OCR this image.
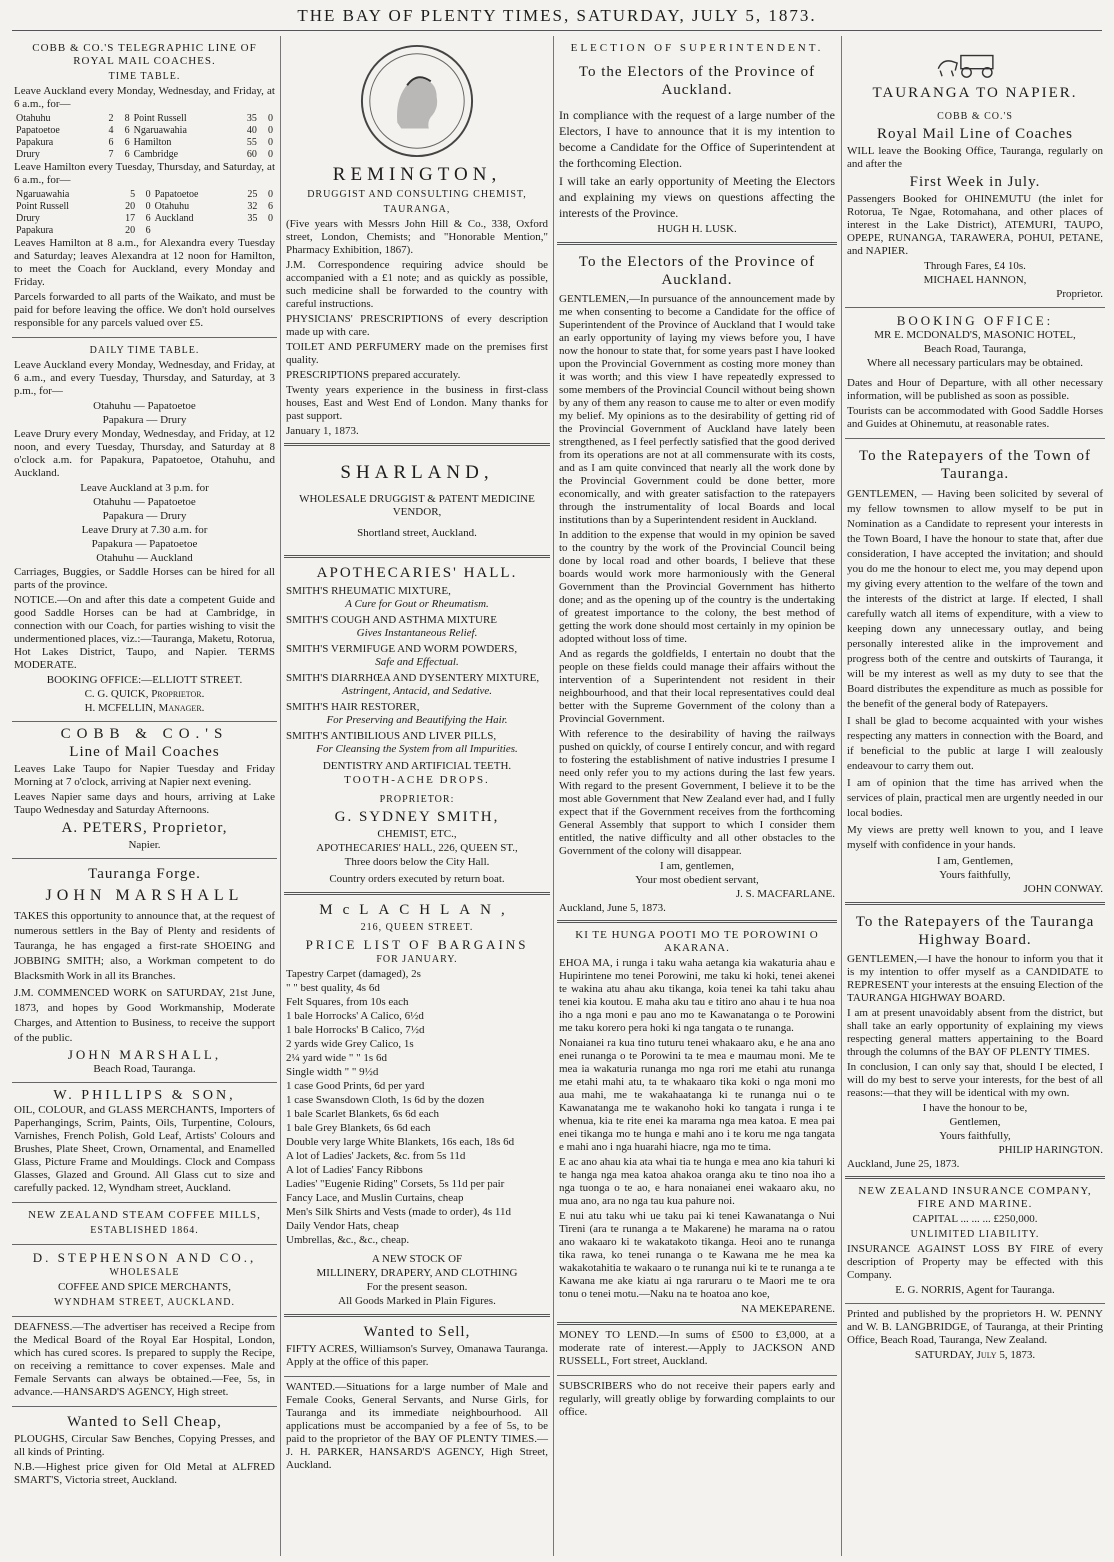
THE BAY OF PLENTY TIMES, SATURDAY, JULY 5, 1873.
COBB & CO.'S TELEGRAPHIC LINE OF ROYAL MAIL COACHES.
TIME TABLE.

Leave Auckland every Monday, Wednesday, and Friday, at 6 a.m., for—

Otahuhu	2	8	Point Russell	35	0
Papatoetoe	4	6	Ngaruawahia	40	0
Papakura	6	6	Hamilton	55	0
Drury	7	6	Cambridge	60	0

Leave Hamilton every Tuesday, Thursday, and Saturday, at 6 a.m., for—

Ngaruawahia	5	0	Papatoetoe	25	0
Point Russell	20	0	Otahuhu	32	6
Drury	17	6	Auckland	35	0
Papakura	20	6			

Leaves Hamilton at 8 a.m., for Alexandra every Tuesday and Saturday; leaves Alexandra at 12 noon for Hamilton, to meet the Coach for Auckland, every Monday and Friday.

Parcels forwarded to all parts of the Waikato, and must be paid for before leaving the office. We don't hold ourselves responsible for any parcels valued over £5.

DAILY TIME TABLE.

Leave Auckland every Monday, Wednesday, and Friday, at 6 a.m., and every Tuesday, Thursday, and Saturday, at 3 p.m., for—

Otahuhu — Papatoetoe
Papakura — Drury

Leave Drury every Monday, Wednesday, and Friday, at 12 noon, and every Tuesday, Thursday, and Saturday at 8 o'clock a.m. for Papakura, Papatoetoe, Otahuhu, and Auckland.

Leave Auckland at 3 p.m. for
Otahuhu — Papatoetoe
Papakura — Drury
Leave Drury at 7.30 a.m. for
Papakura — Papatoetoe
Otahuhu — Auckland

Carriages, Buggies, or Saddle Horses can be hired for all parts of the province.

NOTICE.—On and after this date a competent Guide and good Saddle Horses can be had at Cambridge, in connection with our Coach, for parties wishing to visit the undermentioned places, viz.:—Tauranga, Maketu, Rotorua, Hot Lakes District, Taupo, and Napier. TERMS MODERATE.

BOOKING OFFICE:—ELLIOTT STREET.
C. G. QUICK, Proprietor.
H. MCFELLIN, Manager.
COBB & CO.'S
Line of Mail Coaches

Leaves Lake Taupo for Napier Tuesday and Friday Morning at 7 o'clock, arriving at Napier next evening.

Leaves Napier same days and hours, arriving at Lake Taupo Wednesday and Saturday Afternoons.

A. PETERS, Proprietor,
Napier.
Tauranga Forge.
JOHN MARSHALL

TAKES this opportunity to announce that, at the request of numerous settlers in the Bay of Plenty and residents of Tauranga, he has engaged a first-rate SHOEING and JOBBING SMITH; also, a Workman competent to do Blacksmith Work in all its Branches.

J.M. COMMENCED WORK on SATURDAY, 21st June, 1873, and hopes by Good Workmanship, Moderate Charges, and Attention to Business, to receive the support of the public.

JOHN MARSHALL,
Beach Road, Tauranga.
W. PHILLIPS & SON,

OIL, COLOUR, and GLASS MERCHANTS, Importers of Paperhangings, Scrim, Paints, Oils, Turpentine, Colours, Varnishes, French Polish, Gold Leaf, Artists' Colours and Brushes, Plate Sheet, Crown, Ornamental, and Enamelled Glass, Picture Frame and Mouldings. Clock and Compass Glasses, Glazed and Ground. All Glass cut to size and carefully packed. 12, Wyndham street, Auckland.

NEW ZEALAND STEAM COFFEE MILLS,
ESTABLISHED 1864.
D. STEPHENSON AND CO.,
WHOLESALE
COFFEE AND SPICE MERCHANTS,
WYNDHAM STREET, AUCKLAND.

DEAFNESS.—The advertiser has received a Recipe from the Medical Board of the Royal Ear Hospital, London, which has cured scores. Is prepared to supply the Recipe, on receiving a remittance to cover expenses. Male and Female Servants can always be obtained.—Fee, 5s, in advance.—HANSARD'S AGENCY, High street.

Wanted to Sell Cheap,

PLOUGHS, Circular Saw Benches, Copying Presses, and all kinds of Printing.

N.B.—Highest price given for Old Metal at ALFRED SMART'S, Victoria street, Auckland.

REMINGTON,
DRUGGIST AND CONSULTING CHEMIST,
TAURANGA,

(Five years with Messrs John Hill & Co., 338, Oxford street, London, Chemists; and "Honorable Mention," Pharmacy Exhibition, 1867).

J.M. Correspondence requiring advice should be accompanied with a £1 note; and as quickly as possible, such medicine shall be forwarded to the country with careful instructions.

PHYSICIANS' PRESCRIPTIONS of every description made up with care.

TOILET AND PERFUMERY made on the premises first quality.

PRESCRIPTIONS prepared accurately.

Twenty years experience in the business in first-class houses, East and West End of London. Many thanks for past support.

January 1, 1873.
SHARLAND,
WHOLESALE DRUGGIST & PATENT MEDICINE VENDOR,
Shortland street, Auckland.
APOTHECARIES' HALL.
SMITH'S RHEUMATIC MIXTURE,
A Cure for Gout or Rheumatism.
SMITH'S COUGH AND ASTHMA MIXTURE
Gives Instantaneous Relief.
SMITH'S VERMIFUGE AND WORM POWDERS,
Safe and Effectual.
SMITH'S DIARRHŒA AND DYSENTERY MIXTURE,
Astringent, Antacid, and Sedative.
SMITH'S HAIR RESTORER,
For Preserving and Beautifying the Hair.
SMITH'S ANTIBILIOUS AND LIVER PILLS,
For Cleansing the System from all Impurities.
DENTISTRY AND ARTIFICIAL TEETH.
TOOTH-ACHE DROPS.
PROPRIETOR:
G. SYDNEY SMITH,
CHEMIST, ETC.,
APOTHECARIES' HALL, 226, QUEEN ST.,
Three doors below the City Hall.
Country orders executed by return boat.
McLACHLAN,
216, QUEEN STREET.
PRICE LIST OF BARGAINS
FOR JANUARY.
Tapestry Carpet (damaged), 2s
" " best quality, 4s 6d
Felt Squares, from 10s each
1 bale Horrocks' A Calico, 6½d
1 bale Horrocks' B Calico, 7½d
2 yards wide Grey Calico, 1s
2¼ yard wide " " 1s 6d
Single width " " 9½d
1 case Good Prints, 6d per yard
1 case Swansdown Cloth, 1s 6d by the dozen
1 bale Scarlet Blankets, 6s 6d each
1 bale Grey Blankets, 6s 6d each
Double very large White Blankets, 16s each, 18s 6d
A lot of Ladies' Jackets, &c. from 5s 11d
A lot of Ladies' Fancy Ribbons
Ladies' "Eugenie Riding" Corsets, 5s 11d per pair
Fancy Lace, and Muslin Curtains, cheap
Men's Silk Shirts and Vests (made to order), 4s 11d
Daily Vendor Hats, cheap
Umbrellas, &c., &c., cheap.
A NEW STOCK OF
MILLINERY, DRAPERY, AND CLOTHING
For the present season.
All Goods Marked in Plain Figures.
Wanted to Sell,

FIFTY ACRES, Williamson's Survey, Omanawa Tauranga. Apply at the office of this paper.

WANTED.—Situations for a large number of Male and Female Cooks, General Servants, and Nurse Girls, for Tauranga and its immediate neighbourhood. All applications must be accompanied by a fee of 5s, to be paid to the proprietor of the BAY OF PLENTY TIMES.—J. H. PARKER, HANSARD'S AGENCY, High Street, Auckland.

ELECTION OF SUPERINTENDENT.
To the Electors of the Province of Auckland.

In compliance with the request of a large number of the Electors, I have to announce that it is my intention to become a Candidate for the Office of Superintendent at the forthcoming Election.

I will take an early opportunity of Meeting the Electors and explaining my views on questions affecting the interests of the Province.

HUGH H. LUSK.
To the Electors of the Province of Auckland.

GENTLEMEN,—In pursuance of the announcement made by me when consenting to become a Candidate for the office of Superintendent of the Province of Auckland that I would take an early opportunity of laying my views before you, I have now the honour to state that, for some years past I have looked upon the Provincial Government as costing more money than it was worth; and this view I have repeatedly expressed to some members of the Provincial Council without being shown by any of them any reason to cause me to alter or even modify my belief. My opinions as to the desirability of getting rid of the Provincial Government of Auckland have lately been strengthened, as I feel perfectly satisfied that the good derived from its operations are not at all commensurate with its costs, and as I am quite convinced that nearly all the work done by the Provincial Government could be done better, more economically, and with greater satisfaction to the ratepayers through the instrumentality of local Boards and local institutions than by a Superintendent resident in Auckland.

In addition to the expense that would in my opinion be saved to the country by the work of the Provincial Council being done by local road and other boards, I believe that these boards would work more harmoniously with the General Government than the Provincial Government has hitherto done; and as the opening up of the country is the undertaking of greatest importance to the colony, the best method of getting the work done should most certainly in my opinion be adopted without loss of time.

And as regards the goldfields, I entertain no doubt that the people on these fields could manage their affairs without the intervention of a Superintendent not resident in their neighbourhood, and that their local representatives could deal better with the Supreme Government of the colony than a Provincial Government.

With reference to the desirability of having the railways pushed on quickly, of course I entirely concur, and with regard to fostering the establishment of native industries I presume I need only refer you to my actions during the last few years. With regard to the present Government, I believe it to be the most able Government that New Zealand ever had, and I fully expect that if the Government receives from the forthcoming General Assembly that support to which I consider them entitled, the native difficulty and all other obstacles to the Government of the colony will disappear.

I am, gentlemen,
Your most obedient servant,
J. S. MACFARLANE.
Auckland, June 5, 1873.
KI TE HUNGA POOTI MO TE POROWINI O AKARANA.

EHOA MA, i runga i taku waha aetanga kia wakaturia ahau e Hupirintene mo tenei Porowini, me taku ki hoki, tenei akenei te wakina atu ahau aku tikanga, koia tenei ka tahi taku ahau tenei kia koutou. E maha aku tau e titiro ano ahau i te hua noa iho a nga moni e pau ano mo te Kawanatanga o te Porowini me taku korero pera hoki ki nga tangata o te runanga.

Nonaianei ra kua tino tuturu tenei whakaaro aku, e he ana ano enei runanga o te Porowini ta te mea e maumau moni. Me te mea ia wakaturia runanga mo nga rori me etahi atu runanga me etahi mahi atu, ta te whakaaro tika koki o nga moni mo aua mahi, me te wakahaatanga ki te runanga nui o te Kawanatanga me te wakanoho hoki ko tangata i runga i te whenua, kia te rite enei ka marama nga mea katoa. E mea pai enei tikanga mo te hunga e mahi ano i te koru me nga tangata e mahi ano i nga huarahi hiacre, nga mo te tima.

E ac ano ahau kia ata whai tia te hunga e mea ano kia tahuri ki te hanga nga mea katoa ahakoa oranga aku te tino noa iho a nga tuonga o te ao, e hara nonaianei enei wakaaro aku, no mua ano, ara no nga tau kua pahure noi.

E nui atu taku whi ue taku pai ki tenei Kawanatanga o Nui Tireni (ara te runanga a te Makarene) he marama na o ratou ano wakaaro ki te wakatakoto tikanga. Heoi ano te runanga tika rawa, ko tenei runanga o te Kawana me he mea ka wakakotahitia te wakaaro o te runanga nui ki te te runanga a te Kawana me ake kiatu ai nga raruraru o te Maori me te ora tonu o tenei motu.—Naku na te hoatoa ano koe,

NA MEKEPARENE.

MONEY TO LEND.—In sums of £500 to £3,000, at a moderate rate of interest.—Apply to JACKSON AND RUSSELL, Fort street, Auckland.

SUBSCRIBERS who do not receive their papers early and regularly, will greatly oblige by forwarding complaints to our office.

TAURANGA TO NAPIER.
COBB & CO.'S
Royal Mail Line of Coaches

WILL leave the Booking Office, Tauranga, regularly on and after the

First Week in July.

Passengers Booked for OHINEMUTU (the inlet for Rotorua, Te Ngae, Rotomahana, and other places of interest in the Lake District), ATEMURI, TAUPO, OPEPE, RUNANGA, TARAWERA, POHUI, PETANE, and NAPIER.

Through Fares, £4 10s.
MICHAEL HANNON,
Proprietor.
BOOKING OFFICE:
MR E. MCDONALD'S, MASONIC HOTEL,
Beach Road, Tauranga,
Where all necessary particulars may be obtained.

Dates and Hour of Departure, with all other necessary information, will be published as soon as possible.

Tourists can be accommodated with Good Saddle Horses and Guides at Ohinemutu, at reasonable rates.

To the Ratepayers of the Town of Tauranga.

GENTLEMEN, — Having been solicited by several of my fellow townsmen to allow myself to be put in Nomination as a Candidate to represent your interests in the Town Board, I have the honour to state that, after due consideration, I have accepted the invitation; and should you do me the honour to elect me, you may depend upon my giving every attention to the welfare of the town and the interests of the district at large. If elected, I shall carefully watch all items of expenditure, with a view to keeping down any unnecessary outlay, and being personally interested alike in the improvement and progress both of the centre and outskirts of Tauranga, it will be my interest as well as my duty to see that the Board distributes the expenditure as much as possible for the benefit of the general body of Ratepayers.

I shall be glad to become acquainted with your wishes respecting any matters in connection with the Board, and if beneficial to the public at large I will zealously endeavour to carry them out.

I am of opinion that the time has arrived when the services of plain, practical men are urgently needed in our local bodies.

My views are pretty well known to you, and I leave myself with confidence in your hands.

I am, Gentlemen,
Yours faithfully,
JOHN CONWAY.
To the Ratepayers of the Tauranga Highway Board.

GENTLEMEN,—I have the honour to inform you that it is my intention to offer myself as a CANDIDATE to REPRESENT your interests at the ensuing Election of the TAURANGA HIGHWAY BOARD.

I am at present unavoidably absent from the district, but shall take an early opportunity of explaining my views respecting general matters appertaining to the Board through the columns of the BAY OF PLENTY TIMES.

In conclusion, I can only say that, should I be elected, I will do my best to serve your interests, for the best of all reasons:—that they will be identical with my own.

I have the honour to be,
Gentlemen,
Yours faithfully,
PHILIP HARINGTON.
Auckland, June 25, 1873.
NEW ZEALAND INSURANCE COMPANY, FIRE AND MARINE.
CAPITAL ... ... ... £250,000.
UNLIMITED LIABILITY.

INSURANCE AGAINST LOSS BY FIRE of every description of Property may be effected with this Company.

E. G. NORRIS, Agent for Tauranga.

Printed and published by the proprietors H. W. PENNY and W. B. LANGBRIDGE, of Tauranga, at their Printing Office, Beach Road, Tauranga, New Zealand.

SATURDAY, July 5, 1873.
